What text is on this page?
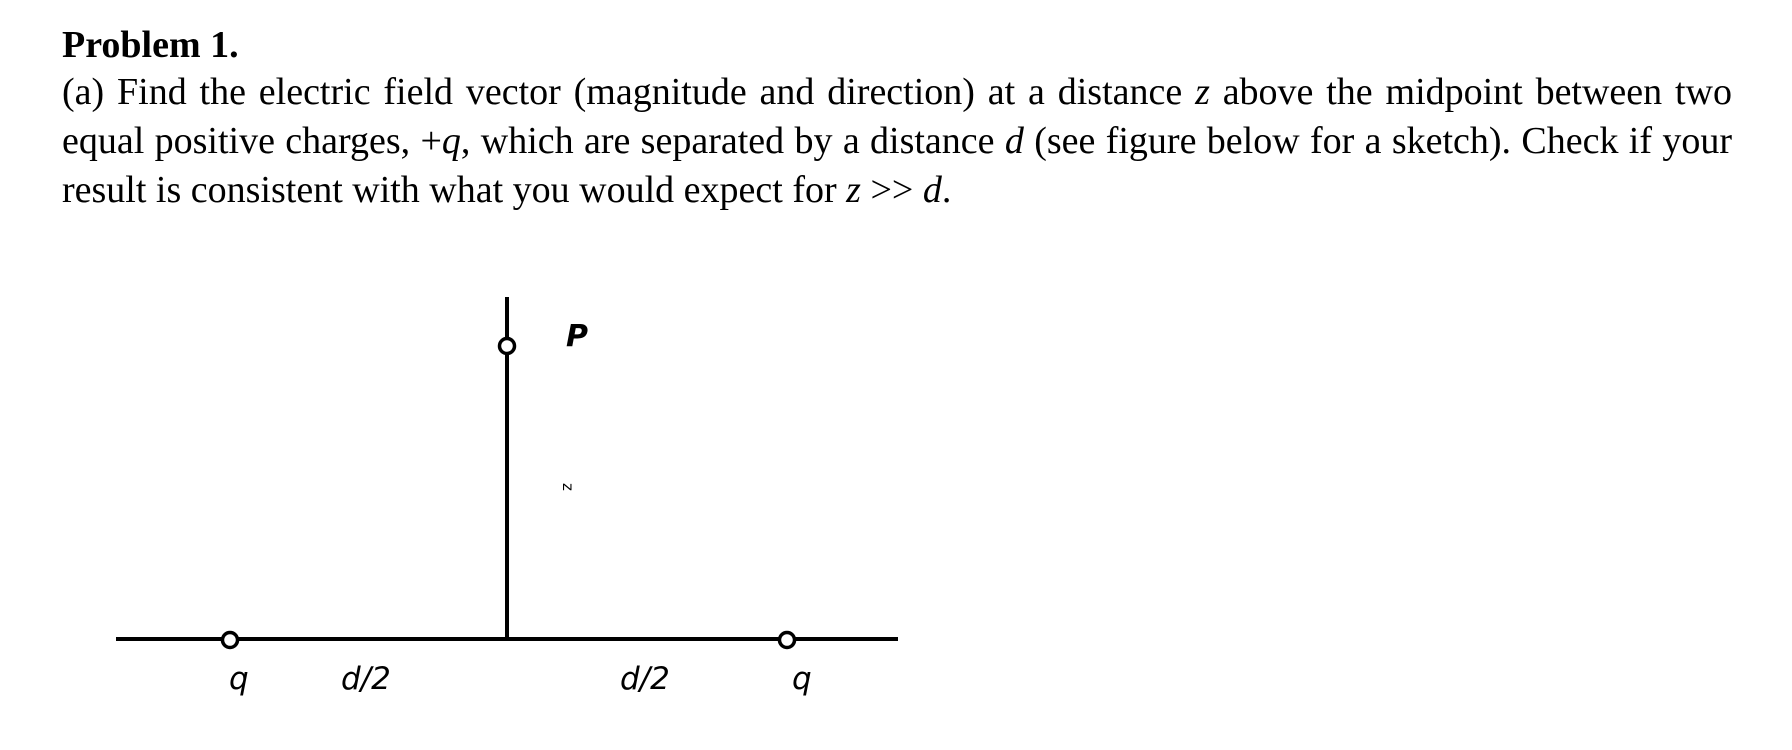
Problem 1.

(a) Find the electric field vector (magnitude and direction) at a distance z above the midpoint between two equal positive charges, +q, which are separated by a distance d (see figure below for a sketch). Check if your result is consistent with what you would expect for z >> d.

P
z
q	d/2	d/2	q
